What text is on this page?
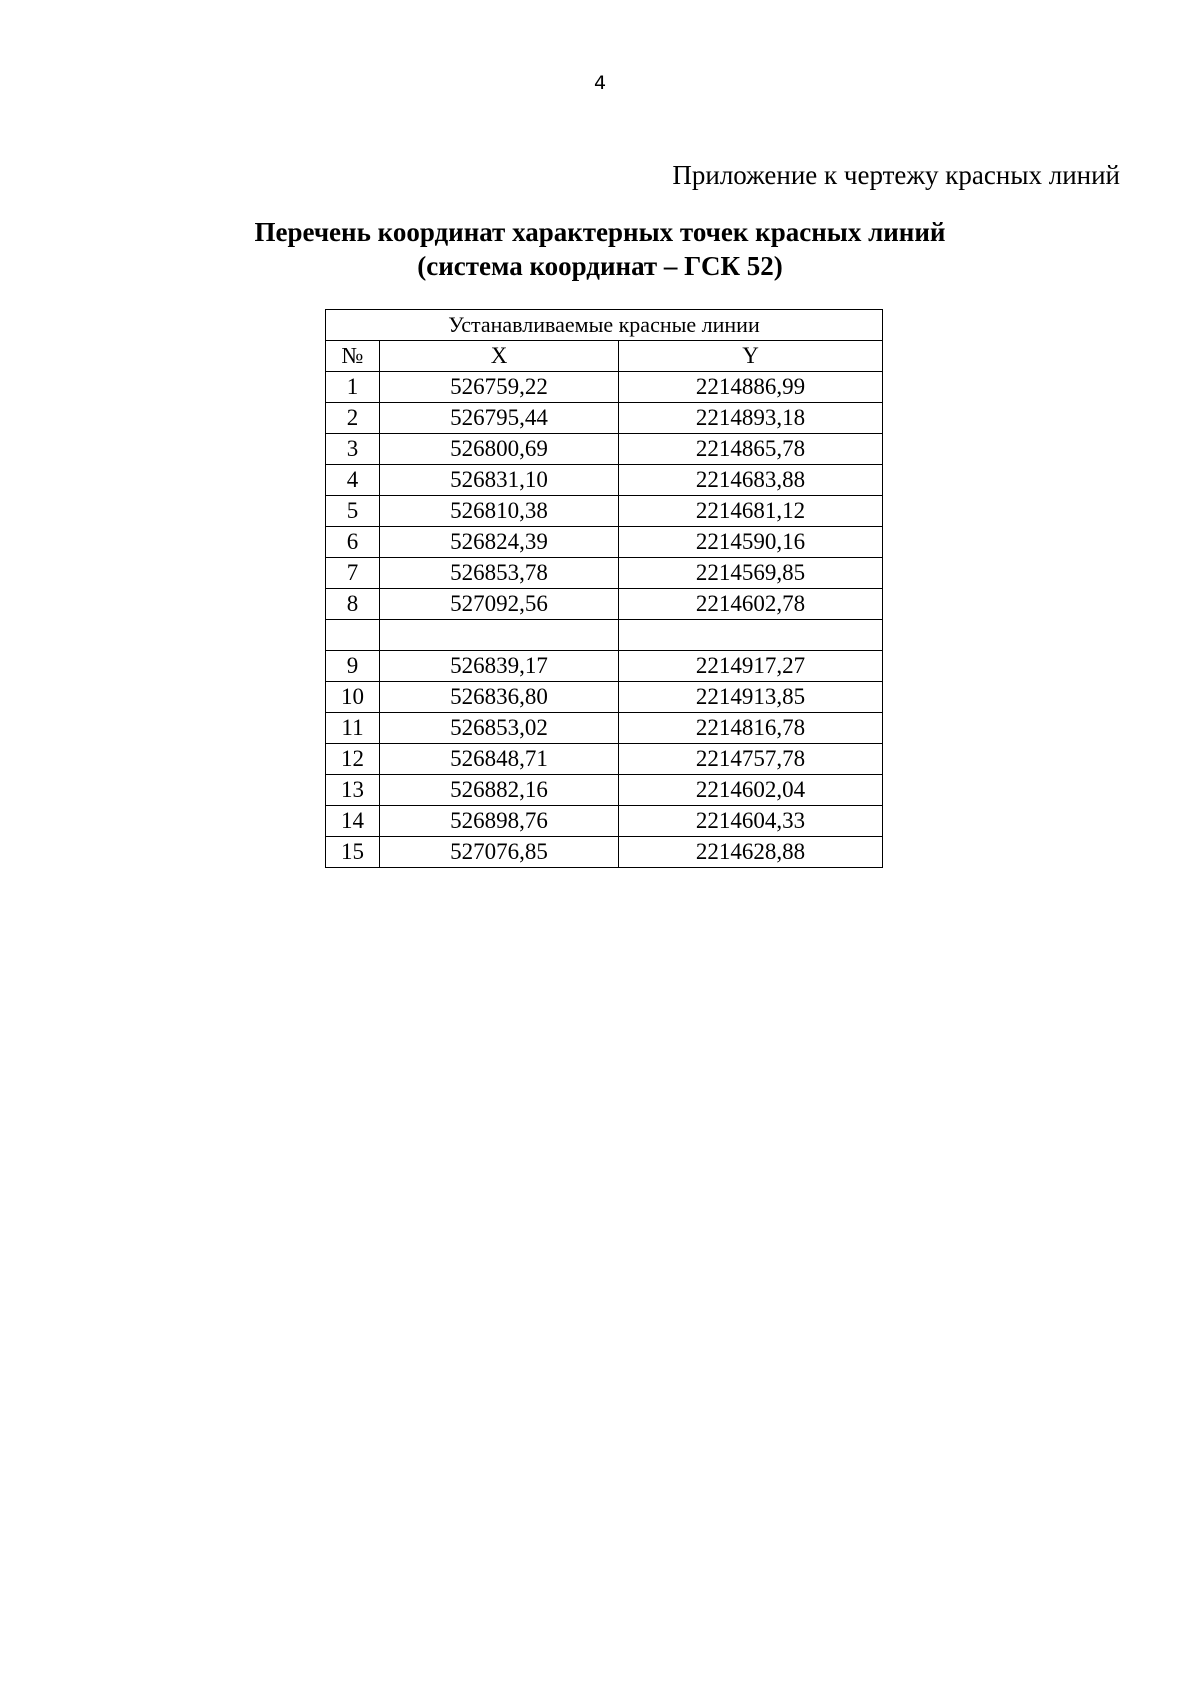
4
Приложение к чертежу красных линий
Перечень координат характерных точек красных линий
(система координат – ГСК 52)
Устанавливаемые красные линии		
№	X	Y
1	526759,22	2214886,99
2	526795,44	2214893,18
3	526800,69	2214865,78
4	526831,10	2214683,88
5	526810,38	2214681,12
6	526824,39	2214590,16
7	526853,78	2214569,85
8	527092,56	2214602,78

9	526839,17	2214917,27
10	526836,80	2214913,85
11	526853,02	2214816,78
12	526848,71	2214757,78
13	526882,16	2214602,04
14	526898,76	2214604,33
15	527076,85	2214628,88
